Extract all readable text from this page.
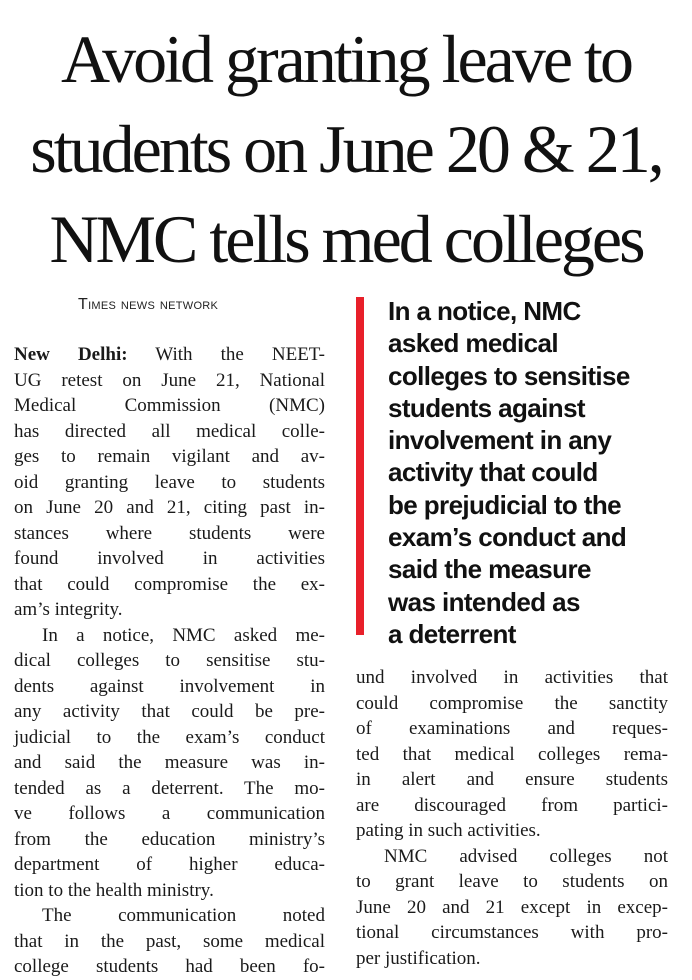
Avoid granting leave to
students on June 20 & 21,
NMC tells med colleges
Times news network

New Delhi: With the NEET-
UG retest on June 21, National
Medical Commission (NMC)
has directed all medical colle-
ges to remain vigilant and av-
oid granting leave to students
on June 20 and 21, citing past in-
stances where students were
found involved in activities
that could compromise the ex-
am’s integrity.

In a notice, NMC asked me-
dical colleges to sensitise stu-
dents against involvement in
any activity that could be pre-
judicial to the exam’s conduct
and said the measure was in-
tended as a deterrent. The mo-
ve follows a communication
from the education ministry’s
department of higher educa-
tion to the health ministry.

The communication noted
that in the past, some medical
college students had been fo-

In a notice, NMC
asked medical
colleges to sensitise
students against
involvement in any
activity that could
be prejudicial to the
exam’s conduct and
said the measure
was intended as
a deterrent

und involved in activities that
could compromise the sanctity
of examinations and reques-
ted that medical colleges rema-
in alert and ensure students
are discouraged from partici-
pating in such activities.

NMC advised colleges not
to grant leave to students on
June 20 and 21 except in excep-
tional circumstances with pro-
per justification.
